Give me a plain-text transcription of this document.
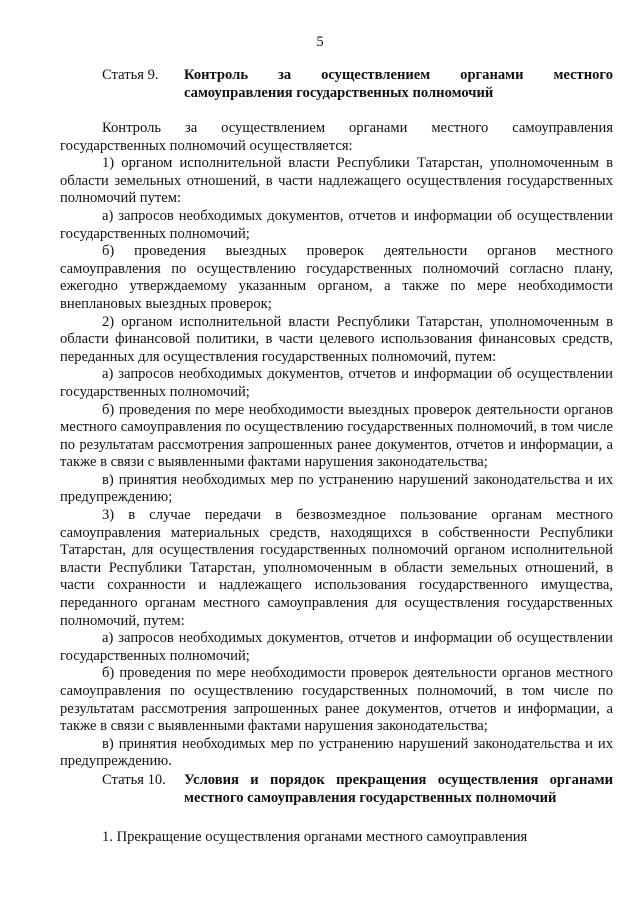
5
Статья 9.	Контроль за осуществлением органами местного самоуправления государственных полномочий

Контроль за осуществлением органами местного самоуправления государственных полномочий осуществляется:

1) органом исполнительной власти Республики Татарстан, уполномоченным в области земельных отношений, в части надлежащего осуществления государственных полномочий путем:

а) запросов необходимых документов, отчетов и информации об осуществлении государственных полномочий;

б) проведения выездных проверок деятельности органов местного самоуправления по осуществлению государственных полномочий согласно плану, ежегодно утверждаемому указанным органом, а также по мере необходимости внеплановых выездных проверок;

2) органом исполнительной власти Республики Татарстан, уполномоченным в области финансовой политики, в части целевого использования финансовых средств, переданных для осуществления государственных полномочий, путем:

а) запросов необходимых документов, отчетов и информации об осуществлении государственных полномочий;

б) проведения по мере необходимости выездных проверок деятельности органов местного самоуправления по осуществлению государственных полномочий, в том числе по результатам рассмотрения запрошенных ранее документов, отчетов и информации, а также в связи с выявленными фактами нарушения законодательства;

в) принятия необходимых мер по устранению нарушений законодательства и их предупреждению;

3) в случае передачи в безвозмездное пользование органам местного самоуправления материальных средств, находящихся в собственности Республики Татарстан, для осуществления государственных полномочий органом исполнительной власти Республики Татарстан, уполномоченным в области земельных отношений, в части сохранности и надлежащего использования государственного имущества, переданного органам местного самоуправления для осуществления государственных полномочий, путем:

а) запросов необходимых документов, отчетов и информации об осуществлении государственных полномочий;

б) проведения по мере необходимости проверок деятельности органов местного самоуправления по осуществлению государственных полномочий, в том числе по результатам рассмотрения запрошенных ранее документов, отчетов и информации, а также в связи с выявленными фактами нарушения законодательства;

в) принятия необходимых мер по устранению нарушений законодательства и их предупреждению.

Статья 10.	Условия и порядок прекращения осуществления органами местного самоуправления государственных полномочий

1. Прекращение осуществления органами местного самоуправления
